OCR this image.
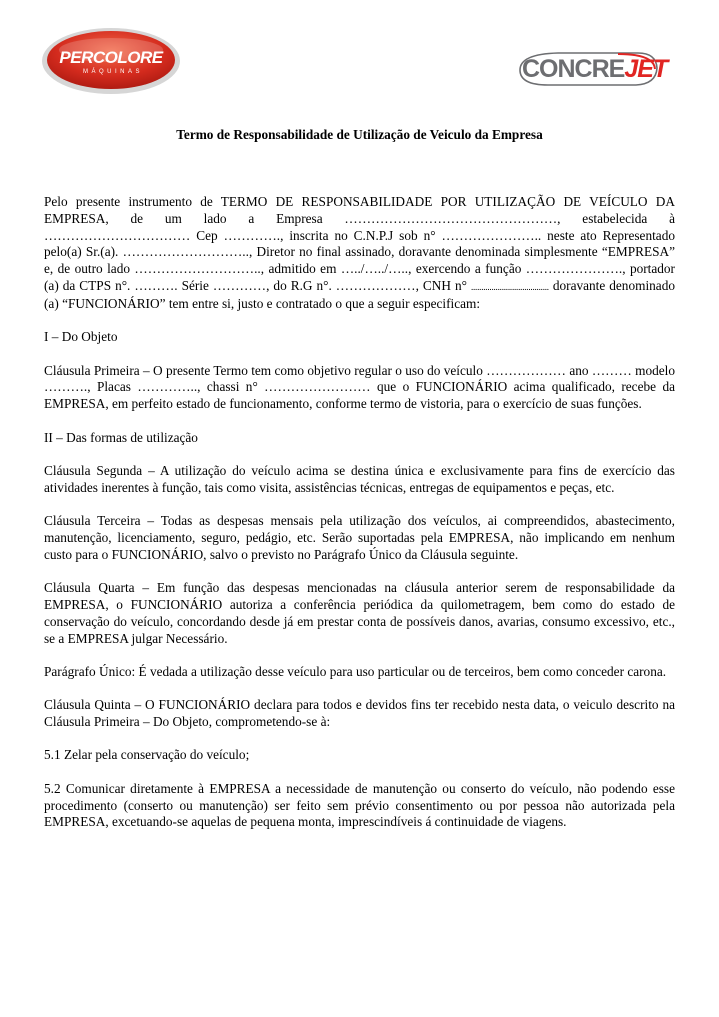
PERCOLORE
MÁQUINAS	CONCRE JET
Termo de Responsabilidade de Utilização de Veiculo da Empresa

Pelo presente instrumento de TERMO DE RESPONSABILIDADE POR UTILIZAÇÃO DE VEÍCULO DA EMPRESA, de um lado a Empresa …………………………………………, estabelecida à …………………………… Cep …………., inscrita no C.N.P.J sob n° ………………….. neste ato Representado pelo(a) Sr.(a). ……………………….., Diretor no final assinado, doravante denominada simplesmente “EMPRESA” e, de outro lado ……………………….., admitido em …../…../….., exercendo a função …………………., portador (a) da CTPS n°. ………. Série …………, do R.G n°. ………………, CNH n° ...................................... doravante denominado (a) “FUNCIONÁRIO” tem entre si, justo e contratado o que a seguir especificam:

I – Do Objeto

Cláusula Primeira – O presente Termo tem como objetivo regular o uso do veículo ……………… ano ……… modelo ………., Placas ………….., chassi n° …………………… que o FUNCIONÁRIO acima qualificado, recebe da EMPRESA, em perfeito estado de funcionamento, conforme termo de vistoria, para o exercício de suas funções.

II – Das formas de utilização

Cláusula Segunda – A utilização do veículo acima se destina única e exclusivamente para fins de exercício das atividades inerentes à função, tais como visita, assistências técnicas, entregas de equipamentos e peças, etc.

Cláusula Terceira – Todas as despesas mensais pela utilização dos veículos, ai compreendidos, abastecimento, manutenção, licenciamento, seguro, pedágio, etc. Serão suportadas pela EMPRESA, não implicando em nenhum custo para o FUNCIONÁRIO, salvo o previsto no Parágrafo Único da Cláusula seguinte.

Cláusula Quarta – Em função das despesas mencionadas na cláusula anterior serem de responsabilidade da EMPRESA, o FUNCIONÁRIO autoriza a conferência periódica da quilometragem, bem como do estado de conservação do veículo, concordando desde já em prestar conta de possíveis danos, avarias, consumo excessivo, etc., se a EMPRESA julgar Necessário.

Parágrafo Único: É vedada a utilização desse veículo para uso particular ou de terceiros, bem como conceder carona.

Cláusula Quinta – O FUNCIONÁRIO declara para todos e devidos fins ter recebido nesta data, o veiculo descrito na Cláusula Primeira – Do Objeto, comprometendo-se à:

5.1 Zelar pela conservação do veículo;

5.2 Comunicar diretamente à EMPRESA a necessidade de manutenção ou conserto do veículo, não podendo esse procedimento (conserto ou manutenção) ser feito sem prévio consentimento ou por pessoa não autorizada pela EMPRESA, excetuando-se aquelas de pequena monta, imprescindíveis á continuidade de viagens.
